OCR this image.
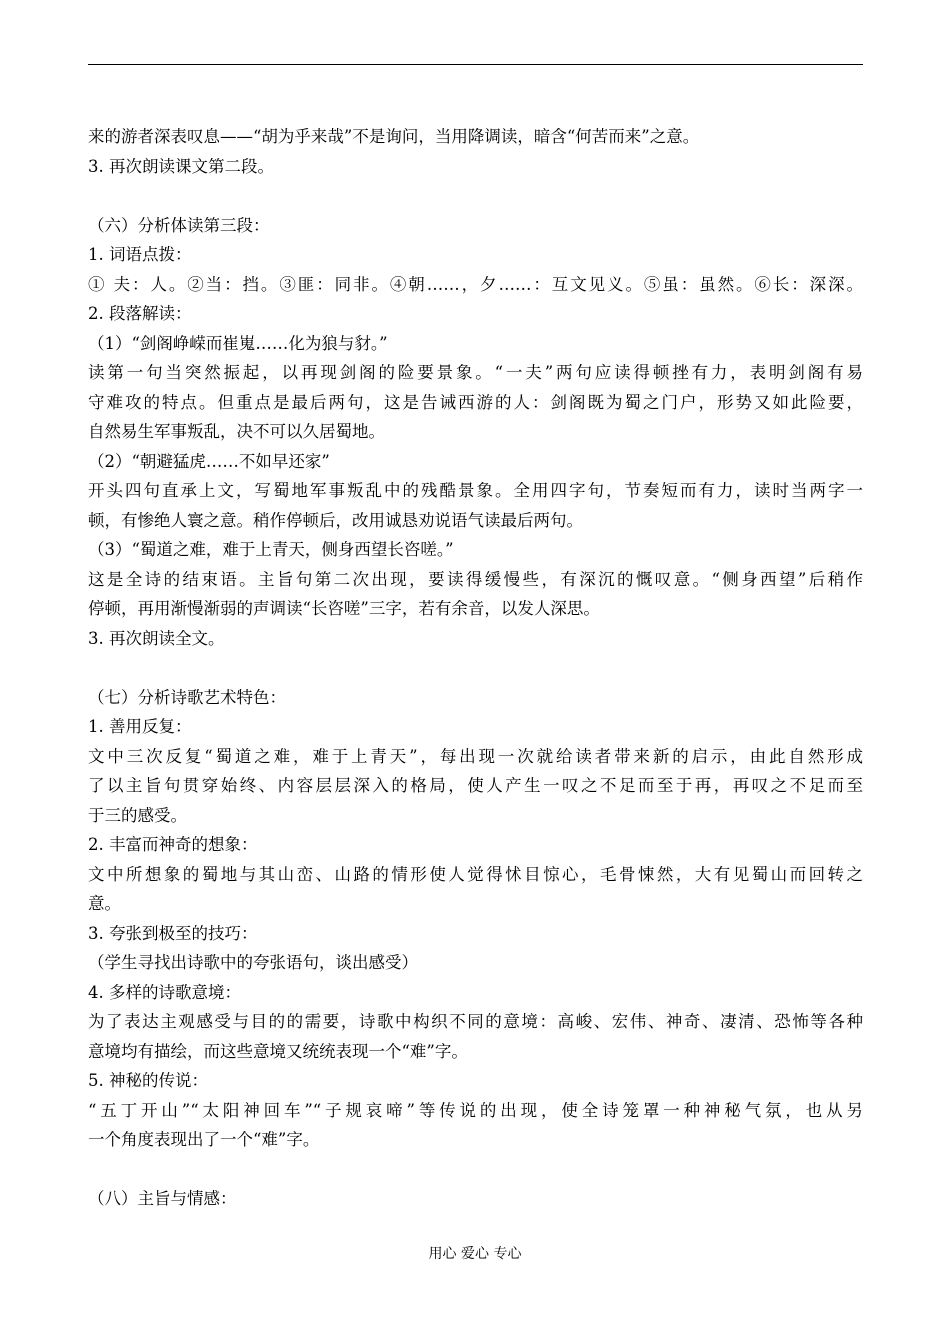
来的游者深表叹息——“胡为乎来哉”不是询问，当用降调读，暗含“何苦而来”之意。
3. 再次朗读课文第二段。
（六）分析体读第三段：
1. 词语点拨：
① 夫：人。②当：挡。③匪：同非。④朝……，夕……：互文见义。⑤虽：虽然。⑥长：深深。
2. 段落解读：
（1）“剑阁峥嵘而崔嵬……化为狼与豺。”
读第一句当突然振起，以再现剑阁的险要景象。“一夫”两句应读得顿挫有力，表明剑阁有易
守难攻的特点。但重点是最后两句，这是告诫西游的人：剑阁既为蜀之门户，形势又如此险要，
自然易生军事叛乱，决不可以久居蜀地。
（2）“朝避猛虎……不如早还家”
开头四句直承上文，写蜀地军事叛乱中的残酷景象。全用四字句，节奏短而有力，读时当两字一
顿，有惨绝人寰之意。稍作停顿后，改用诚恳劝说语气读最后两句。
（3）“蜀道之难，难于上青天，侧身西望长咨嗟。”
这是全诗的结束语。主旨句第二次出现，要读得缓慢些，有深沉的慨叹意。“侧身西望”后稍作
停顿，再用渐慢渐弱的声调读“长咨嗟”三字，若有余音，以发人深思。
3. 再次朗读全文。
（七）分析诗歌艺术特色：
1. 善用反复：
文中三次反复“蜀道之难，难于上青天”，每出现一次就给读者带来新的启示，由此自然形成
了以主旨句贯穿始终、内容层层深入的格局，使人产生一叹之不足而至于再，再叹之不足而至
于三的感受。
2. 丰富而神奇的想象：
文中所想象的蜀地与其山峦、山路的情形使人觉得怵目惊心，毛骨悚然，大有见蜀山而回转之
意。
3. 夸张到极至的技巧：
（学生寻找出诗歌中的夸张语句，谈出感受）
4. 多样的诗歌意境：
为了表达主观感受与目的的需要，诗歌中构织不同的意境：高峻、宏伟、神奇、凄清、恐怖等各种
意境均有描绘，而这些意境又统统表现一个“难”字。
5. 神秘的传说：
“五丁开山”“太阳神回车”“子规哀啼”等传说的出现，使全诗笼罩一种神秘气氛，也从另
一个角度表现出了一个“难”字。
（八）主旨与情感：
用心 爱心 专心
